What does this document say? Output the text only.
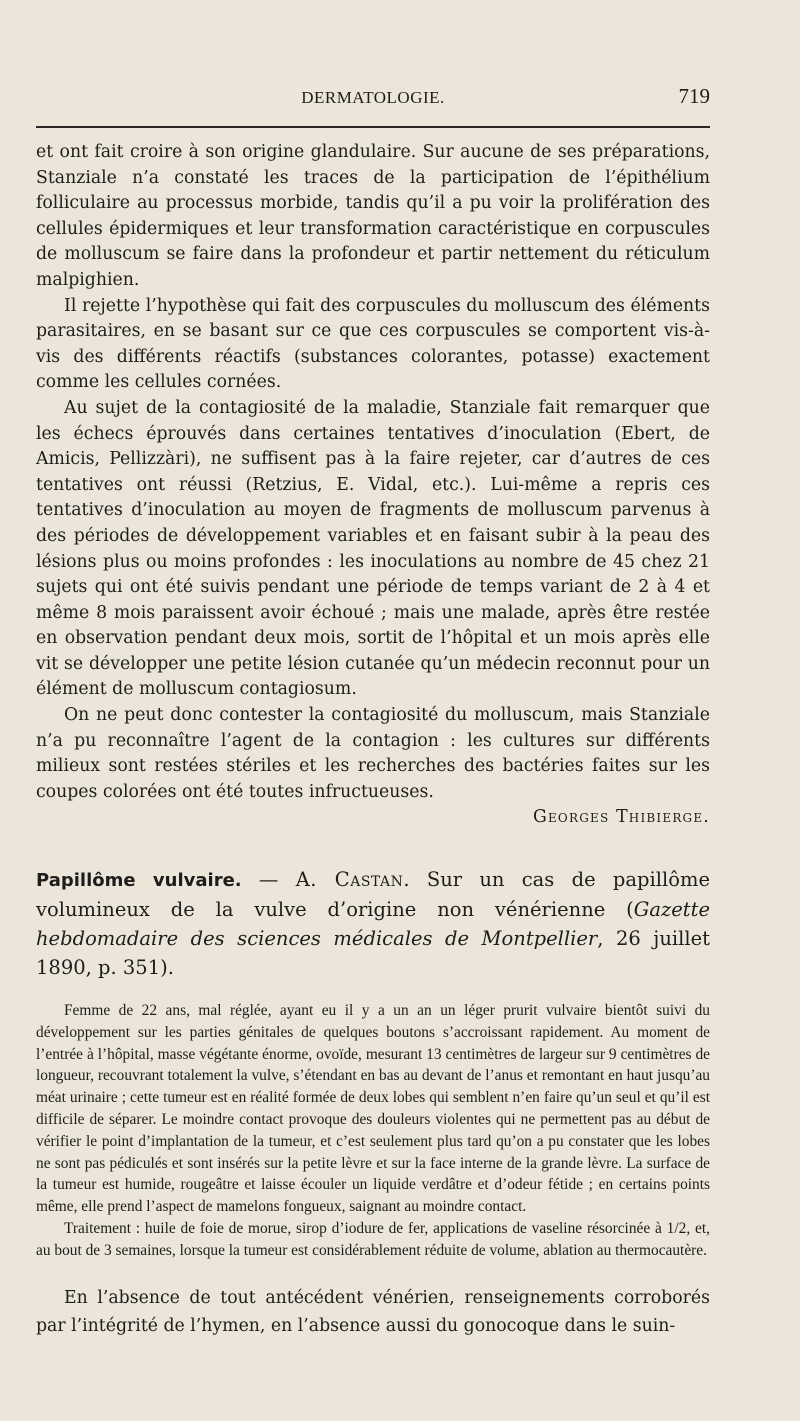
DERMATOLOGIE.	719

et ont fait croire à son origine glandulaire. Sur aucune de ses préparations, Stanziale n’a constaté les traces de la participation de l’épithélium folliculaire au processus morbide, tandis qu’il a pu voir la prolifération des cellules épidermiques et leur transformation caractéristique en corpuscules de molluscum se faire dans la profondeur et partir nettement du réticulum malpighien.

Il rejette l’hypothèse qui fait des corpuscules du molluscum des éléments parasitaires, en se basant sur ce que ces corpuscules se comportent vis-à-vis des différents réactifs (substances colorantes, potasse) exactement comme les cellules cornées.

Au sujet de la contagiosité de la maladie, Stanziale fait remarquer que les échecs éprouvés dans certaines tentatives d’inoculation (Ebert, de Amicis, Pellizzàri), ne suffisent pas à la faire rejeter, car d’autres de ces tentatives ont réussi (Retzius, E. Vidal, etc.). Lui-même a repris ces tentatives d’inoculation au moyen de fragments de molluscum parvenus à des périodes de développement variables et en faisant subir à la peau des lésions plus ou moins profondes : les inoculations au nombre de 45 chez 21 sujets qui ont été suivis pendant une période de temps variant de 2 à 4 et même 8 mois paraissent avoir échoué ; mais une malade, après être restée en observation pendant deux mois, sortit de l’hôpital et un mois après elle vit se développer une petite lésion cutanée qu’un médecin reconnut pour un élément de molluscum contagiosum.

On ne peut donc contester la contagiosité du molluscum, mais Stanziale n’a pu reconnaître l’agent de la contagion : les cultures sur différents milieux sont restées stériles et les recherches des bactéries faites sur les coupes colorées ont été toutes infructueuses.

Georges Thibierge.

Papillôme vulvaire. — A. Castan. Sur un cas de papillôme volumineux de la vulve d’origine non vénérienne (Gazette hebdomadaire des sciences médicales de Montpellier, 26 juillet 1890, p. 351).

Femme de 22 ans, mal réglée, ayant eu il y a un an un léger prurit vulvaire bientôt suivi du développement sur les parties génitales de quelques boutons s’accroissant rapidement. Au moment de l’entrée à l’hôpital, masse végétante énorme, ovoïde, mesurant 13 centimètres de largeur sur 9 centimètres de longueur, recouvrant totalement la vulve, s’étendant en bas au devant de l’anus et remontant en haut jusqu’au méat urinaire ; cette tumeur est en réalité formée de deux lobes qui semblent n’en faire qu’un seul et qu’il est difficile de séparer. Le moindre contact provoque des douleurs violentes qui ne permettent pas au début de vérifier le point d’implantation de la tumeur, et c’est seulement plus tard qu’on a pu constater que les lobes ne sont pas pédiculés et sont insérés sur la petite lèvre et sur la face interne de la grande lèvre. La surface de la tumeur est humide, rougeâtre et laisse écouler un liquide verdâtre et d’odeur fétide ; en certains points même, elle prend l’aspect de mamelons fongueux, saignant au moindre contact.

Traitement : huile de foie de morue, sirop d’iodure de fer, applications de vaseline résorcinée à 1/2, et, au bout de 3 semaines, lorsque la tumeur est considérablement réduite de volume, ablation au thermocautère.

En l’absence de tout antécédent vénérien, renseignements corroborés par l’intégrité de l’hymen, en l’absence aussi du gonocoque dans le suin-
